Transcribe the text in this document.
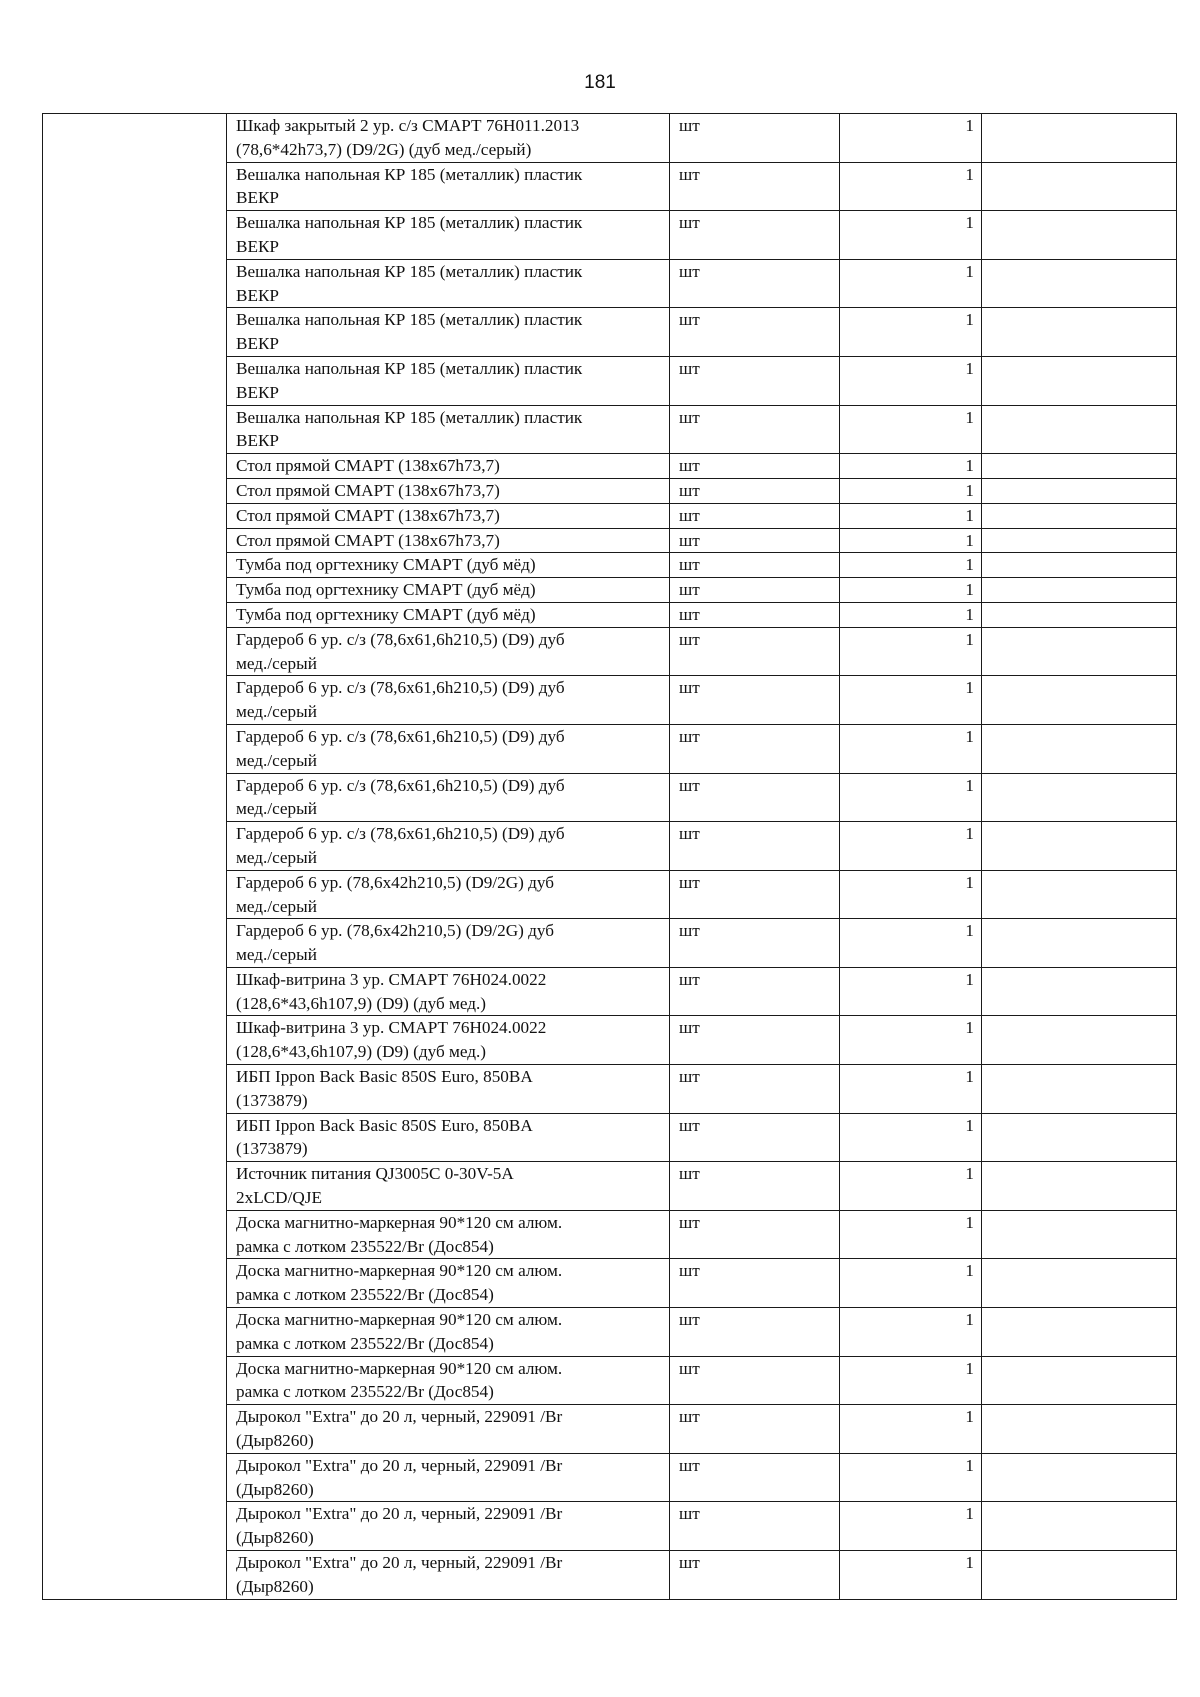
181

	Шкаф закрытый 2 ур. с/з СМАРТ 76Н011.2013
(78,6*42h73,7) (D9/2G) (дуб мед./серый)	шт	1	

	Вешалка напольная КР 185 (металлик) пластик
ВЕКР	шт	1	

	Вешалка напольная КР 185 (металлик) пластик
ВЕКР	шт	1	

	Вешалка напольная КР 185 (металлик) пластик
ВЕКР	шт	1	

	Вешалка напольная КР 185 (металлик) пластик
ВЕКР	шт	1	

	Вешалка напольная КР 185 (металлик) пластик
ВЕКР	шт	1	

	Вешалка напольная КР 185 (металлик) пластик
ВЕКР	шт	1	

	Стол прямой СМАРТ (138х67h73,7)	шт	1	

	Стол прямой СМАРТ (138х67h73,7)	шт	1	

	Стол прямой СМАРТ (138х67h73,7)	шт	1	

	Стол прямой СМАРТ (138х67h73,7)	шт	1	

	Тумба под оргтехнику СМАРТ (дуб мёд)	шт	1	

	Тумба под оргтехнику СМАРТ (дуб мёд)	шт	1	

	Тумба под оргтехнику СМАРТ (дуб мёд)	шт	1	

	Гардероб 6 ур. с/з (78,6х61,6h210,5) (D9) дуб
мед./серый	шт	1	

	Гардероб 6 ур. с/з (78,6х61,6h210,5) (D9) дуб
мед./серый	шт	1	

	Гардероб 6 ур. с/з (78,6х61,6h210,5) (D9) дуб
мед./серый	шт	1	

	Гардероб 6 ур. с/з (78,6х61,6h210,5) (D9) дуб
мед./серый	шт	1	

	Гардероб 6 ур. с/з (78,6х61,6h210,5) (D9) дуб
мед./серый	шт	1	

	Гардероб 6 ур. (78,6х42h210,5) (D9/2G) дуб
мед./серый	шт	1	

	Гардероб 6 ур. (78,6х42h210,5) (D9/2G) дуб
мед./серый	шт	1	

	Шкаф-витрина 3 ур. СМАРТ 76Н024.0022
(128,6*43,6h107,9) (D9) (дуб мед.)	шт	1	

	Шкаф-витрина 3 ур. СМАРТ 76Н024.0022
(128,6*43,6h107,9) (D9) (дуб мед.)	шт	1	

	ИБП Ippon Back Basic 850S Euro, 850BA
(1373879)	шт	1	

	ИБП Ippon Back Basic 850S Euro, 850BA
(1373879)	шт	1	

	Источник питания QJ3005C 0-30V-5A
2xLCD/QJE	шт	1	

	Доска магнитно-маркерная 90*120 см алюм.
рамка с лотком 235522/Br (Дос854)	шт	1	

	Доска магнитно-маркерная 90*120 см алюм.
рамка с лотком 235522/Br (Дос854)	шт	1	

	Доска магнитно-маркерная 90*120 см алюм.
рамка с лотком 235522/Br (Дос854)	шт	1	

	Доска магнитно-маркерная 90*120 см алюм.
рамка с лотком 235522/Br (Дос854)	шт	1	

	Дырокол "Extra" до 20 л, черный, 229091 /Br
(Дыр8260)	шт	1	

	Дырокол "Extra" до 20 л, черный, 229091 /Br
(Дыр8260)	шт	1	

	Дырокол "Extra" до 20 л, черный, 229091 /Br
(Дыр8260)	шт	1	

	Дырокол "Extra" до 20 л, черный, 229091 /Br
(Дыр8260)	шт	1	
